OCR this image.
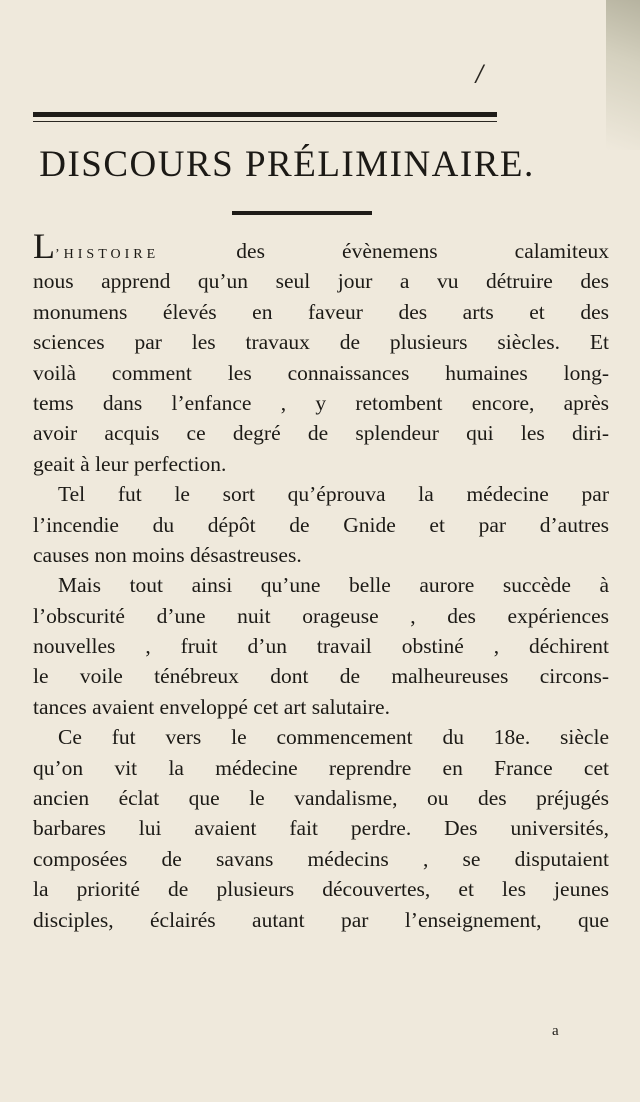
/
DISCOURS PRÉLIMINAIRE.
L’HISTOIRE des évènemens calamiteux
nous apprend qu’un seul jour a vu détruire des
monumens élevés en faveur des arts et des
sciences par les travaux de plusieurs siècles. Et
voilà comment les connaissances humaines long-
tems dans l’enfance , y retombent encore, après
avoir acquis ce degré de splendeur qui les diri-
geait à leur perfection.
Tel fut le sort qu’éprouva la médecine par
l’incendie du dépôt de Gnide et par d’autres
causes non moins désastreuses.
Mais tout ainsi qu’une belle aurore succède à
l’obscurité d’une nuit orageuse , des expériences
nouvelles , fruit d’un travail obstiné , déchirent
le voile ténébreux dont de malheureuses circons-
tances avaient enveloppé cet art salutaire.
Ce fut vers le commencement du 18e. siècle
qu’on vit la médecine reprendre en France cet
ancien éclat que le vandalisme, ou des préjugés
barbares lui avaient fait perdre. Des universités,
composées de savans médecins , se disputaient
la priorité de plusieurs découvertes, et les jeunes
disciples, éclairés autant par l’enseignement, que
a
